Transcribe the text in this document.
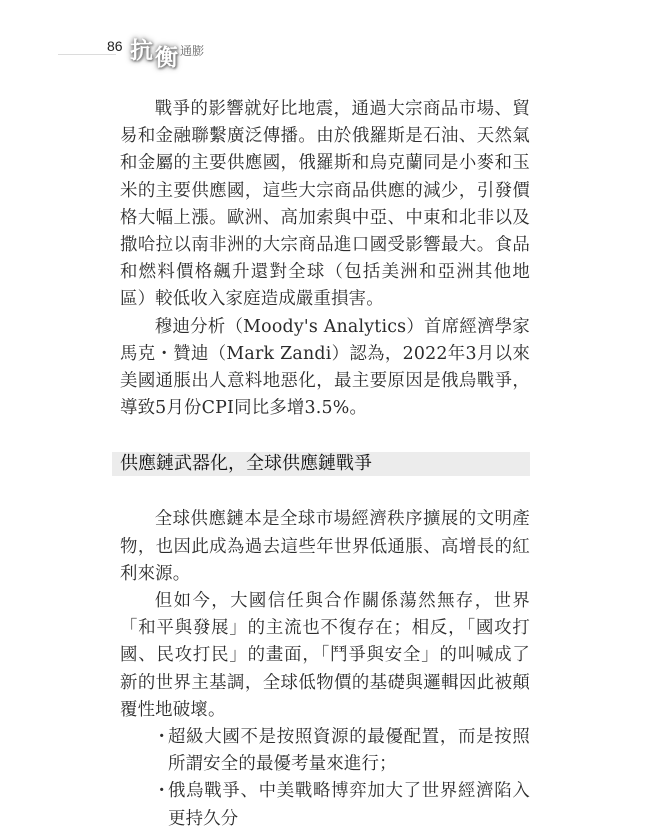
86 抗 衡 通膨

戰爭的影響就好比地震，通過大宗商品市場、貿易和金融聯繫廣泛傳播。由於俄羅斯是石油、天然氣和金屬的主要供應國，俄羅斯和烏克蘭同是小麥和玉米的主要供應國，這些大宗商品供應的減少，引發價格大幅上漲。歐洲、高加索與中亞、中東和北非以及撒哈拉以南非洲的大宗商品進口國受影響最大。食品和燃料價格飆升還對全球（包括美洲和亞洲其他地區）較低收入家庭造成嚴重損害。

穆迪分析（Moody's Analytics）首席經濟學家馬克・贊迪（Mark Zandi）認為，2022年3月以來美國通脹出人意料地惡化，最主要原因是俄烏戰爭，導致5月份CPI同比多增3.5%。

供應鏈武器化，全球供應鏈戰爭

全球供應鏈本是全球市場經濟秩序擴展的文明產物，也因此成為過去這些年世界低通脹、高增長的紅利來源。

但如今，大國信任與合作關係蕩然無存，世界「和平與發展」的主流也不復存在；相反，「國攻打國、民攻打民」的畫面，「鬥爭與安全」的叫喊成了新的世界主基調，全球低物價的基礎與邏輯因此被顛覆性地破壞。

・
超級大國不是按照資源的最優配置，而是按照所謂安全的最優考量來進行；
・
俄烏戰爭、中美戰略博弈加大了世界經濟陷入更持久分
